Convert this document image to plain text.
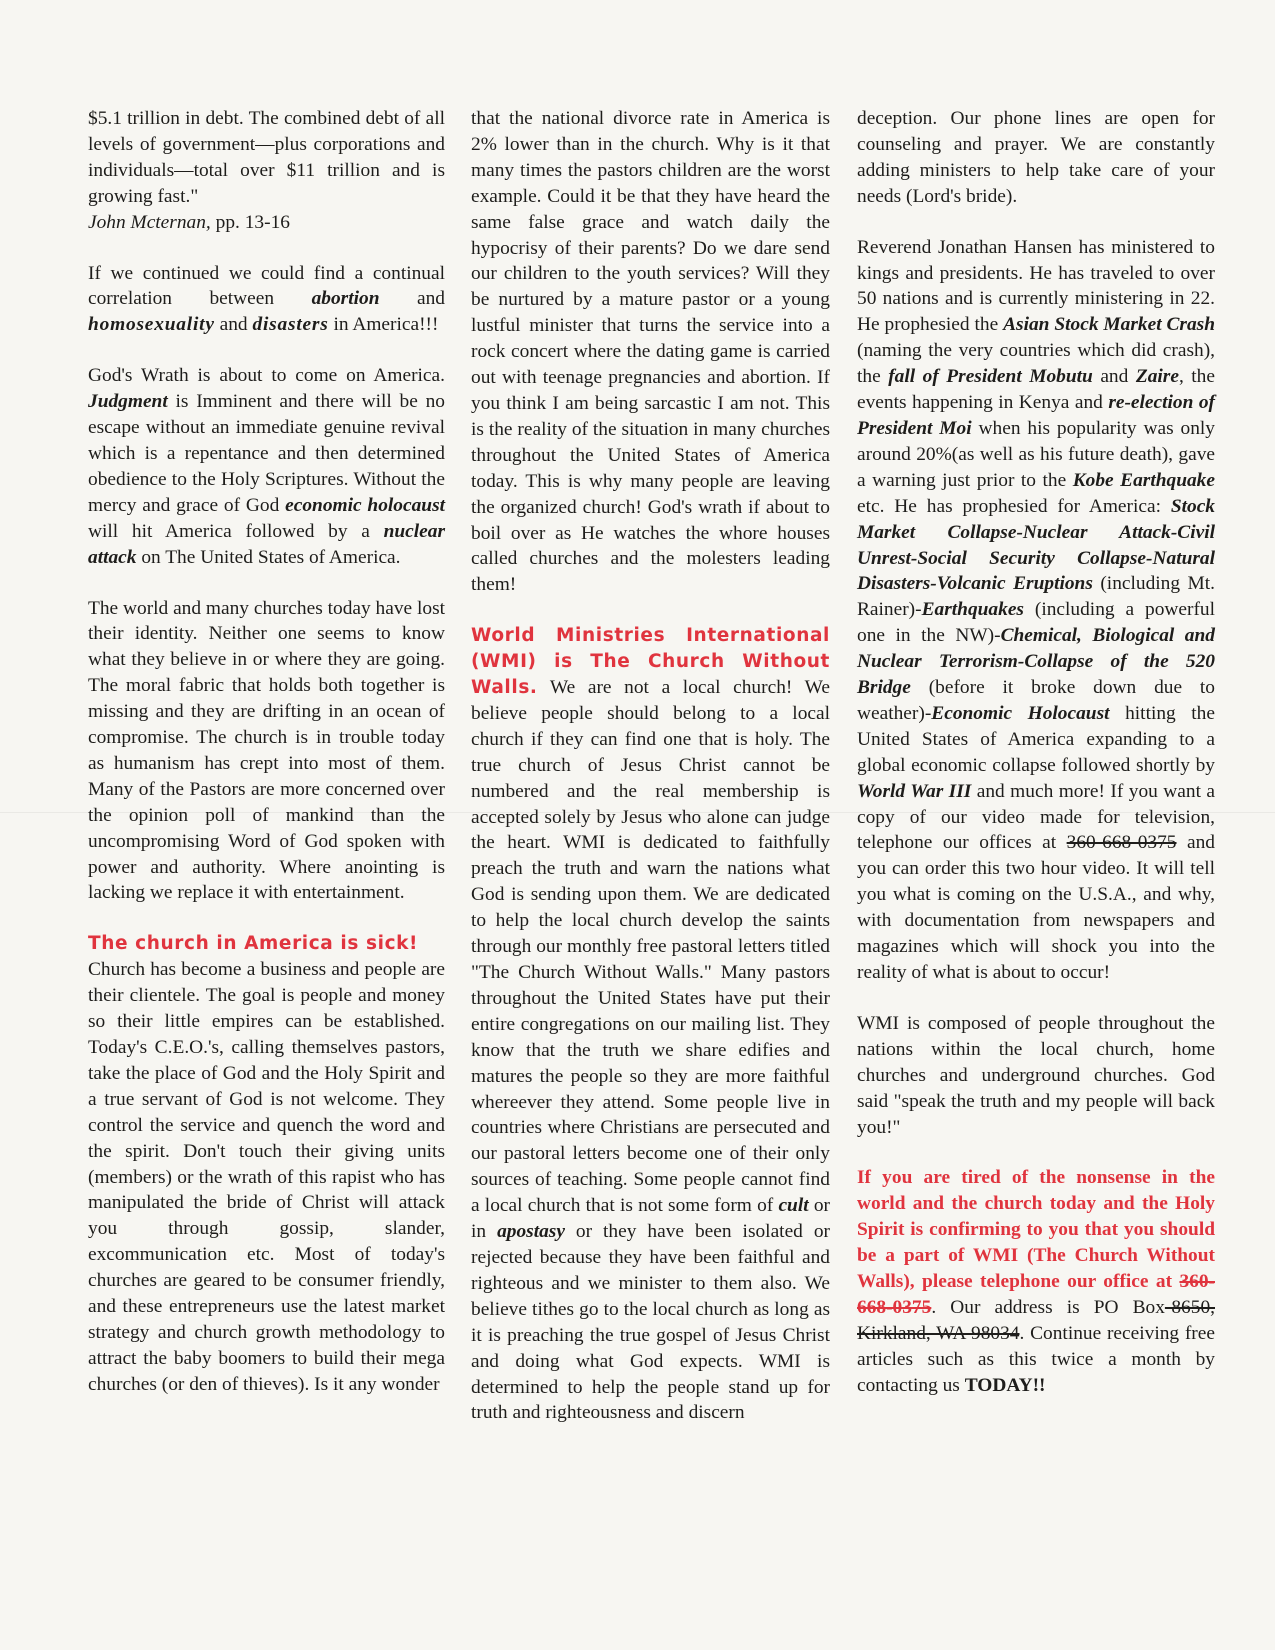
$5.1 trillion in debt. The combined debt of all levels of government—plus corporations and individuals—total over $11 trillion and is growing fast."
John Mcternan, pp. 13-16

If we continued we could find a continual correlation between abortion and homosexuality and disasters in America!!!

God's Wrath is about to come on America. Judgment is Imminent and there will be no escape without an immediate genuine revival which is a repentance and then determined obedience to the Holy Scriptures. Without the mercy and grace of God economic holocaust will hit America followed by a nuclear attack on The United States of America.

The world and many churches today have lost their identity. Neither one seems to know what they believe in or where they are going. The moral fabric that holds both together is missing and they are drifting in an ocean of compromise. The church is in trouble today as humanism has crept into most of them. Many of the Pastors are more concerned over the opinion poll of mankind than the uncompromising Word of God spoken with power and authority. Where anointing is lacking we replace it with entertainment.

The church in America is sick!
Church has become a business and people are their clientele. The goal is people and money so their little empires can be established. Today's C.E.O.'s, calling themselves pastors, take the place of God and the Holy Spirit and a true servant of God is not welcome. They control the service and quench the word and the spirit. Don't touch their giving units (members) or the wrath of this rapist who has manipulated the bride of Christ will attack you through gossip, slander, excommunication etc. Most of today's churches are geared to be consumer friendly, and these entrepreneurs use the latest market strategy and church growth methodology to attract the baby boomers to build their mega churches (or den of thieves). Is it any wonder

that the national divorce rate in America is 2% lower than in the church. Why is it that many times the pastors children are the worst example. Could it be that they have heard the same false grace and watch daily the hypocrisy of their parents? Do we dare send our children to the youth services? Will they be nurtured by a mature pastor or a young lustful minister that turns the service into a rock concert where the dating game is carried out with teenage pregnancies and abortion. If you think I am being sarcastic I am not. This is the reality of the situation in many churches throughout the United States of America today. This is why many people are leaving the organized church! God's wrath if about to boil over as He watches the whore houses called churches and the molesters leading them!

World Ministries International (WMI) is The Church Without Walls. We are not a local church! We believe people should belong to a local church if they can find one that is holy. The true church of Jesus Christ cannot be numbered and the real membership is accepted solely by Jesus who alone can judge the heart. WMI is dedicated to faithfully preach the truth and warn the nations what God is sending upon them. We are dedicated to help the local church develop the saints through our monthly free pastoral letters titled "The Church Without Walls." Many pastors throughout the United States have put their entire congregations on our mailing list. They know that the truth we share edifies and matures the people so they are more faithful whereever they attend. Some people live in countries where Christians are persecuted and our pastoral letters become one of their only sources of teaching. Some people cannot find a local church that is not some form of cult or in apostasy or they have been isolated or rejected because they have been faithful and righteous and we minister to them also. We believe tithes go to the local church as long as it is preaching the true gospel of Jesus Christ and doing what God expects. WMI is determined to help the people stand up for truth and righteousness and discern

deception. Our phone lines are open for counseling and prayer. We are constantly adding ministers to help take care of your needs (Lord's bride).

Reverend Jonathan Hansen has ministered to kings and presidents. He has traveled to over 50 nations and is currently ministering in 22. He prophesied the Asian Stock Market Crash (naming the very countries which did crash), the fall of President Mobutu and Zaire, the events happening in Kenya and re-election of President Moi when his popularity was only around 20%(as well as his future death), gave a warning just prior to the Kobe Earthquake etc. He has prophesied for America: Stock Market Collapse-Nuclear Attack-Civil Unrest-Social Security Collapse-Natural Disasters-Volcanic Eruptions (including Mt. Rainer)-Earthquakes (including a powerful one in the NW)-Chemical, Biological and Nuclear Terrorism-Collapse of the 520 Bridge (before it broke down due to weather)-Economic Holocaust hitting the United States of America expanding to a global economic collapse followed shortly by World War III and much more! If you want a copy of our video made for television, telephone our offices at 360-668-0375 and you can order this two hour video. It will tell you what is coming on the U.S.A., and why, with documentation from newspapers and magazines which will shock you into the reality of what is about to occur!

WMI is composed of people throughout the nations within the local church, home churches and underground churches. God said "speak the truth and my people will back you!"

If you are tired of the nonsense in the world and the church today and the Holy Spirit is confirming to you that you should be a part of WMI (The Church Without Walls), please telephone our office at 360-668-0375. Our address is PO Box-8650, Kirkland, WA 98034. Continue receiving free articles such as this twice a month by contacting us TODAY!!
